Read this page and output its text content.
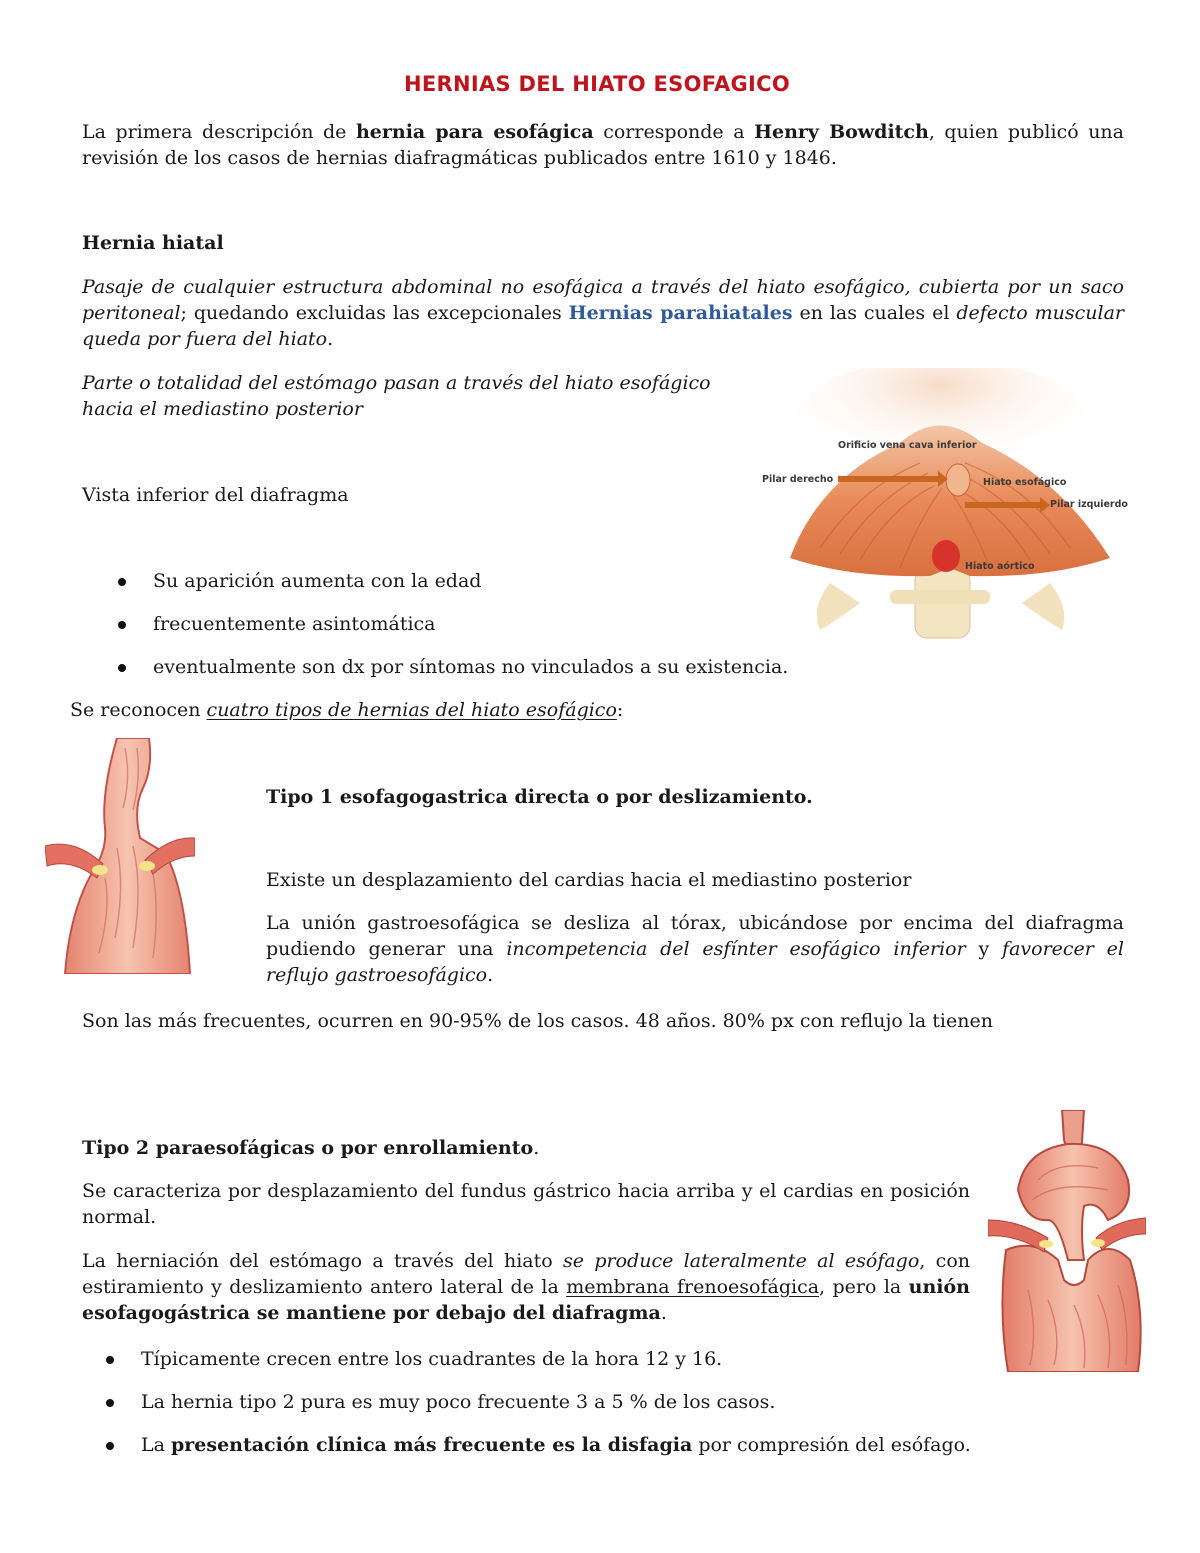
HERNIAS DEL HIATO ESOFAGICO

La primera descripción de hernia para esofágica corresponde a Henry Bowditch, quien publicó una revisión de los casos de hernias diafragmáticas publicados entre 1610 y 1846.

Hernia hiatal

Pasaje de cualquier estructura abdominal no esofágica a través del hiato esofágico, cubierta por un saco peritoneal; quedando excluidas las excepcionales Hernias parahiatales en las cuales el defecto muscular queda por fuera del hiato.

Parte o totalidad del estómago pasan a través del hiato esofágico

hacia el mediastino posterior

Vista inferior del diafragma

Su aparición aumenta con la edad
frecuentemente asintomática
eventualmente son dx por síntomas no vinculados a su existencia.
Orificio vena cava inferior
Pilar derecho	Hiato esofágico
Pilar izquierdo
Hiato aórtico

Se reconocen cuatro tipos de hernias del hiato esofágico:

Tipo 1 esofagogastrica directa o por deslizamiento.

Existe un desplazamiento del cardias hacia el mediastino posterior

La unión gastroesofágica se desliza al tórax, ubicándose por encima del diafragma pudiendo generar una incompetencia del esfínter esofágico inferior y favorecer el reflujo gastroesofágico.

Son las más frecuentes, ocurren en 90-95% de los casos. 48 años. 80% px con reflujo la tienen

Tipo 2 paraesofágicas o por enrollamiento.

Se caracteriza por desplazamiento del fundus gástrico hacia arriba y el cardias en posición normal.

La herniación del estómago a través del hiato se produce lateralmente al esófago, con estiramiento y deslizamiento antero lateral de la membrana frenoesofágica, pero la unión esofagogástrica se mantiene por debajo del diafragma.

Típicamente crecen entre los cuadrantes de la hora 12 y 16.
La hernia tipo 2 pura es muy poco frecuente 3 a 5 % de los casos.
La presentación clínica más frecuente es la disfagia por compresión del esófago.
